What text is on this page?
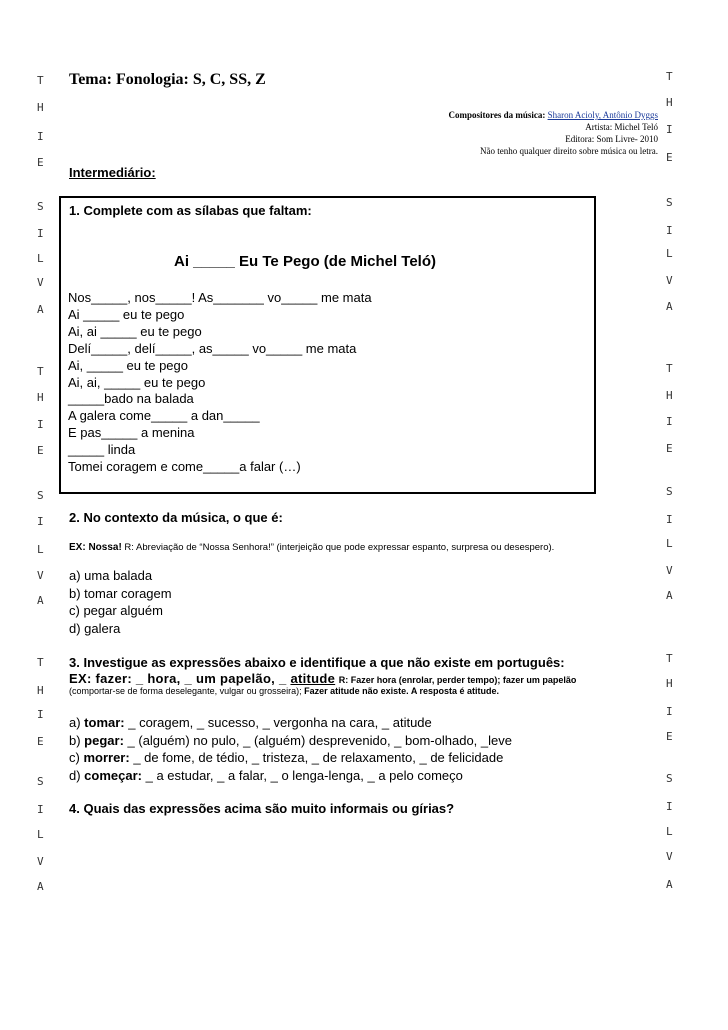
T
H
I
E
S
I
L
V
A
T
H
I
E
S
I
L
V
A
T
H
I
E
S
I
L
V
A
T
H
I
E
S
I
L
V
A
T
H
I
E
S
I
L
V
A
T
H
I
E
S
I
L
V
A
Tema: Fonologia: S, C, SS, Z
Compositores da música: Sharon Acioly, Antônio Dyggs
Artista: Michel Teló
Editora: Som Livre- 2010
Não tenho qualquer direito sobre música ou letra.
Intermediário:
1. Complete com as sílabas que faltam:
Ai _____ Eu Te Pego (de Michel Teló)
Nos_____, nos_____! As_______ vo_____ me mata
Ai _____ eu te pego
Ai, ai _____ eu te pego
Delí_____, delí_____, as_____ vo_____ me mata
Ai, _____ eu te pego
Ai, ai, _____ eu te pego
_____bado na balada
A galera come_____ a dan_____
E pas_____ a menina
_____ linda
Tomei coragem e come_____a falar (…)
2. No contexto da música, o que é:
EX: Nossa! R: Abreviação de “Nossa Senhora!” (interjeição que pode expressar espanto, surpresa ou desespero).
a) uma balada
b) tomar coragem
c) pegar alguém
d) galera
3. Investigue as expressões abaixo e identifique a que não existe em português:
EX: fazer: _ hora, _ um papelão, _ atitude R: Fazer hora (enrolar, perder tempo); fazer um papelão
(comportar-se de forma deselegante, vulgar ou grosseira); Fazer atitude não existe. A resposta é atitude.
a) tomar: _ coragem, _ sucesso, _ vergonha na cara, _ atitude
b) pegar: _ (alguém) no pulo, _ (alguém) desprevenido, _ bom-olhado, _leve
c) morrer: _ de fome, de tédio, _ tristeza, _ de relaxamento, _ de felicidade
d) começar: _ a estudar, _ a falar, _ o lenga-lenga, _ a pelo começo
4. Quais das expressões acima são muito informais ou gírias?
